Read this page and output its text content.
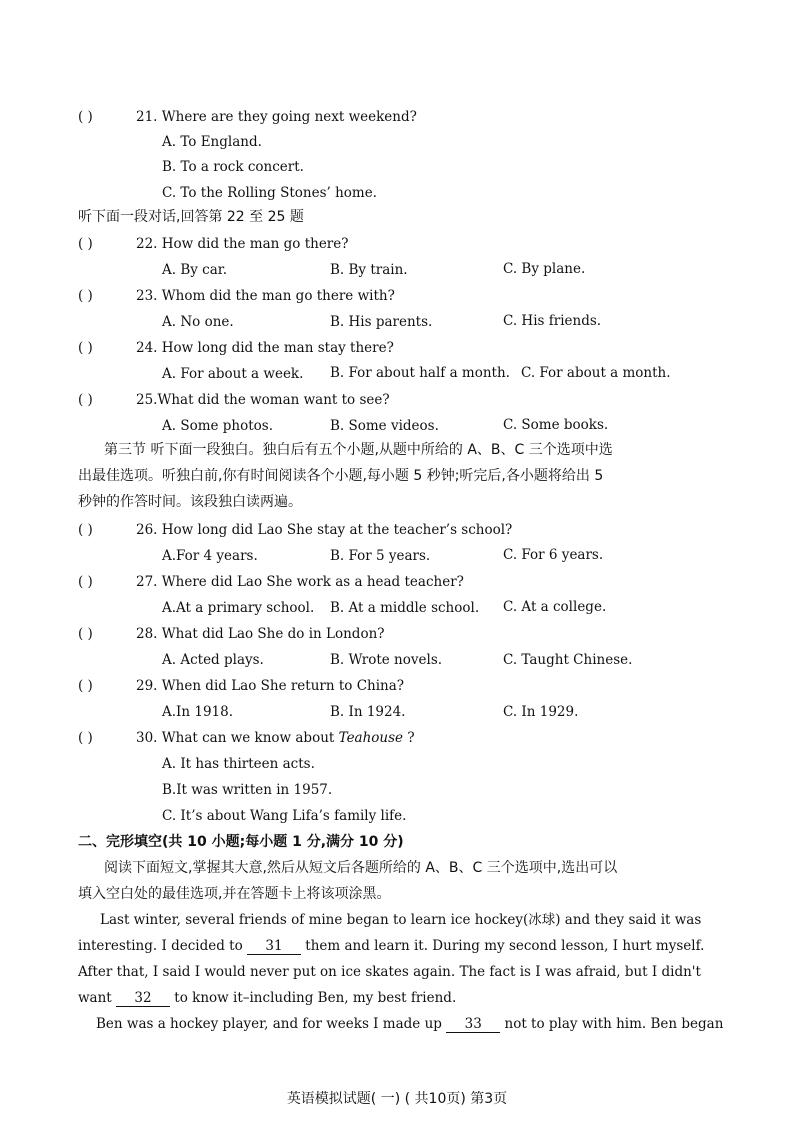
( )	21. Where are they going next weekend?
A. To England.
B. To a rock concert.
C. To the Rolling Stones’ home.
听下面一段对话,回答第 22 至 25 题
( )	22. How did the man go there?
A. By car.	B. By train.	C. By plane.
( )	23. Whom did the man go there with?
A. No one.	B. His parents.	C. His friends.
( )	24. How long did the man stay there?
A. For about a week. B. For about half a month. C. For about a month.
( )	25.What did the woman want to see?
A. Some photos.	B. Some videos.	C. Some books.
第三节 听下面一段独白。独白后有五个小题,从题中所给的 A、B、C 三个选项中选
出最佳选项。听独白前,你有时间阅读各个小题,每小题 5 秒钟;听完后,各小题将给出 5
秒钟的作答时间。该段独白读两遍。
( )	26. How long did Lao She stay at the teacher’s school?
A.For 4 years.	B. For 5 years.	C. For 6 years.
( )	27. Where did Lao She work as a head teacher?
A.At a primary school. B. At a middle school. C. At a college.
( )	28. What did Lao She do in London?
A. Acted plays.	B. Wrote novels.	C. Taught Chinese.
( )	29. When did Lao She return to China?
A.In 1918.	B. In 1924.	C. In 1929.
( )	30. What can we know about Teahouse ?
A. It has thirteen acts.
B.It was written in 1957.
C. It’s about Wang Lifa’s family life.
二、完形填空(共 10 小题;每小题 1 分,满分 10 分)
阅读下面短文,掌握其大意,然后从短文后各题所给的 A、B、C 三个选项中,选出可以
填入空白处的最佳选项,并在答题卡上将该项涂黑。
Last winter, several friends of mine began to learn ice hockey(冰球) and they said it was
interesting. I decided to 31 them and learn it. During my second lesson, I hurt myself.
After that, I said I would never put on ice skates again. The fact is I was afraid, but I didn't
want 32 to know it–including Ben, my best friend.
Ben was a hockey player, and for weeks I made up 33 not to play with him. Ben began
英语模拟试题( 一) ( 共10页) 第3页
